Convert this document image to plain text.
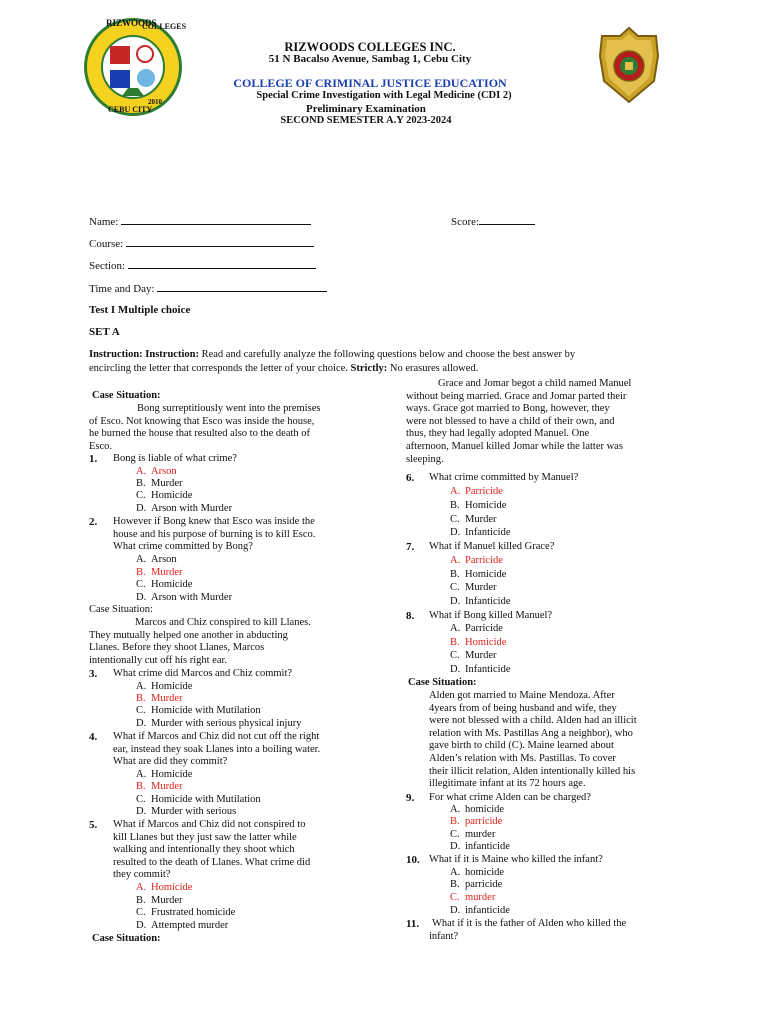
RIZWOODS
COLLEGES
CEBU CITY
2010
RIZWOODS COLLEGES INC.
51 N Bacalso Avenue, Sambag 1, Cebu City
COLLEGE OF CRIMINAL JUSTICE EDUCATION
Special Crime Investigation with Legal Medicine (CDI 2)
Preliminary Examination
SECOND SEMESTER A.Y 2023-2024
Name:	Score:
Course:
Section:
Time and Day:
Test I Multiple choice
SET A
Instruction: Instruction: Read and carefully analyze the following questions below and choose the best answer by
encircling the letter that corresponds the letter of your choice. Strictly: No erasures allowed.
Case Situation:
Bong surreptitiously went into the premises
of Esco. Not knowing that Esco was inside the house,
he burned the house that resulted also to the death of
Esco.
1. Bong is liable of what crime?
A. Arson
B. Murder
C. Homicide
D. Arson with Murder
2. However if Bong knew that Esco was inside the
house and his purpose of burning is to kill Esco.
What crime committed by Bong?
A. Arson
B. Murder
C. Homicide
D. Arson with Murder
Case Situation:
Marcos and Chiz conspired to kill Llanes.
They mutually helped one another in abducting
Llanes. Before they shoot Llanes, Marcos
intentionally cut off his right ear.
3. What crime did Marcos and Chiz commit?
A. Homicide
B. Murder
C. Homicide with Mutilation
D. Murder with serious physical injury
4. What if Marcos and Chiz did not cut off the right
ear, instead they soak Llanes into a boiling water.
What are did they commit?
A. Homicide
B. Murder
C. Homicide with Mutilation
D. Murder with serious
5. What if Marcos and Chiz did not conspired to
kill Llanes but they just saw the latter while
walking and intentionally they shoot which
resulted to the death of Llanes. What crime did
they commit?
A. Homicide
B. Murder
C. Frustrated homicide
D. Attempted murder
Case Situation:
Grace and Jomar begot a child named Manuel
without being married. Grace and Jomar parted their
ways. Grace got married to Bong, however, they
were not blessed to have a child of their own, and
thus, they had legally adopted Manuel. One
afternoon, Manuel killed Jomar while the latter was
sleeping.
6. What crime committed by Manuel?
A. Parricide
B. Homicide
C. Murder
D. Infanticide
7. What if Manuel killed Grace?
A. Parricide
B. Homicide
C. Murder
D. Infanticide
8. What if Bong killed Manuel?
A. Parricide
B. Homicide
C. Murder
D. Infanticide
Case Situation:
Alden got married to Maine Mendoza. After
4years from of being husband and wife, they
were not blessed with a child. Alden had an illicit
relation with Ms. Pastillas Ang a neighbor), who
gave birth to child (C). Maine learned about
Alden’s relation with Ms. Pastillas. To cover
their illicit relation, Alden intentionally killed his
illegitimate infant at its 72 hours age.
9. For what crime Alden can be charged?
A. homicide
B. parricide
C. murder
D. infanticide
10. What if it is Maine who killed the infant?
A. homicide
B. parricide
C. murder
D. infanticide
11. What if it is the father of Alden who killed the
infant?
